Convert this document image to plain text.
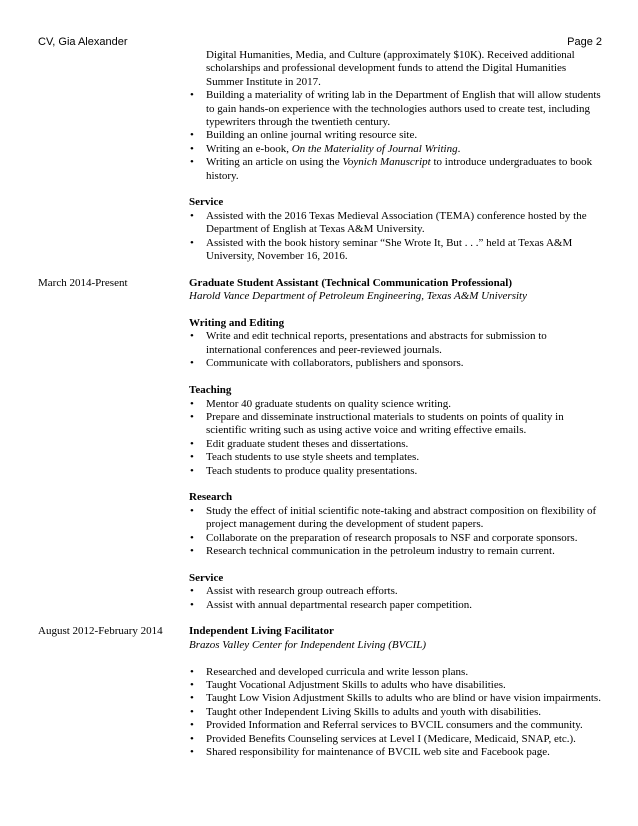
CV, Gia Alexander	Page 2
Digital Humanities, Media, and Culture (approximately $10K). Received additional
scholarships and professional development funds to attend the Digital Humanities
Summer Institute in 2017.
• Building a materiality of writing lab in the Department of English that will allow students to gain hands-on experience with the technologies authors used to create test, including typewriters through the twentieth century.
• Building an online journal writing resource site.
• Writing an e-book, On the Materiality of Journal Writing.
• Writing an article on using the Voynich Manuscript to introduce undergraduates to book history.
Service
• Assisted with the 2016 Texas Medieval Association (TEMA) conference hosted by the Department of English at Texas A&M University.
• Assisted with the book history seminar “She Wrote It, But . . .” held at Texas A&M University, November 16, 2016.
March 2014-Present	Graduate Student Assistant (Technical Communication Professional)
Harold Vance Department of Petroleum Engineering, Texas A&M University
Writing and Editing
• Write and edit technical reports, presentations and abstracts for submission to international conferences and peer-reviewed journals.
• Communicate with collaborators, publishers and sponsors.
Teaching
• Mentor 40 graduate students on quality science writing.
• Prepare and disseminate instructional materials to students on points of quality in scientific writing such as using active voice and writing effective emails.
• Edit graduate student theses and dissertations.
• Teach students to use style sheets and templates.
• Teach students to produce quality presentations.
Research
• Study the effect of initial scientific note-taking and abstract composition on flexibility of project management during the development of student papers.
• Collaborate on the preparation of research proposals to NSF and corporate sponsors.
• Research technical communication in the petroleum industry to remain current.
Service
• Assist with research group outreach efforts.
• Assist with annual departmental research paper competition.
August 2012-February 2014 Independent Living Facilitator
Brazos Valley Center for Independent Living (BVCIL)
• Researched and developed curricula and write lesson plans.
• Taught Vocational Adjustment Skills to adults who have disabilities.
• Taught Low Vision Adjustment Skills to adults who are blind or have vision impairments.
• Taught other Independent Living Skills to adults and youth with disabilities.
• Provided Information and Referral services to BVCIL consumers and the community.
• Provided Benefits Counseling services at Level I (Medicare, Medicaid, SNAP, etc.).
• Shared responsibility for maintenance of BVCIL web site and Facebook page.
